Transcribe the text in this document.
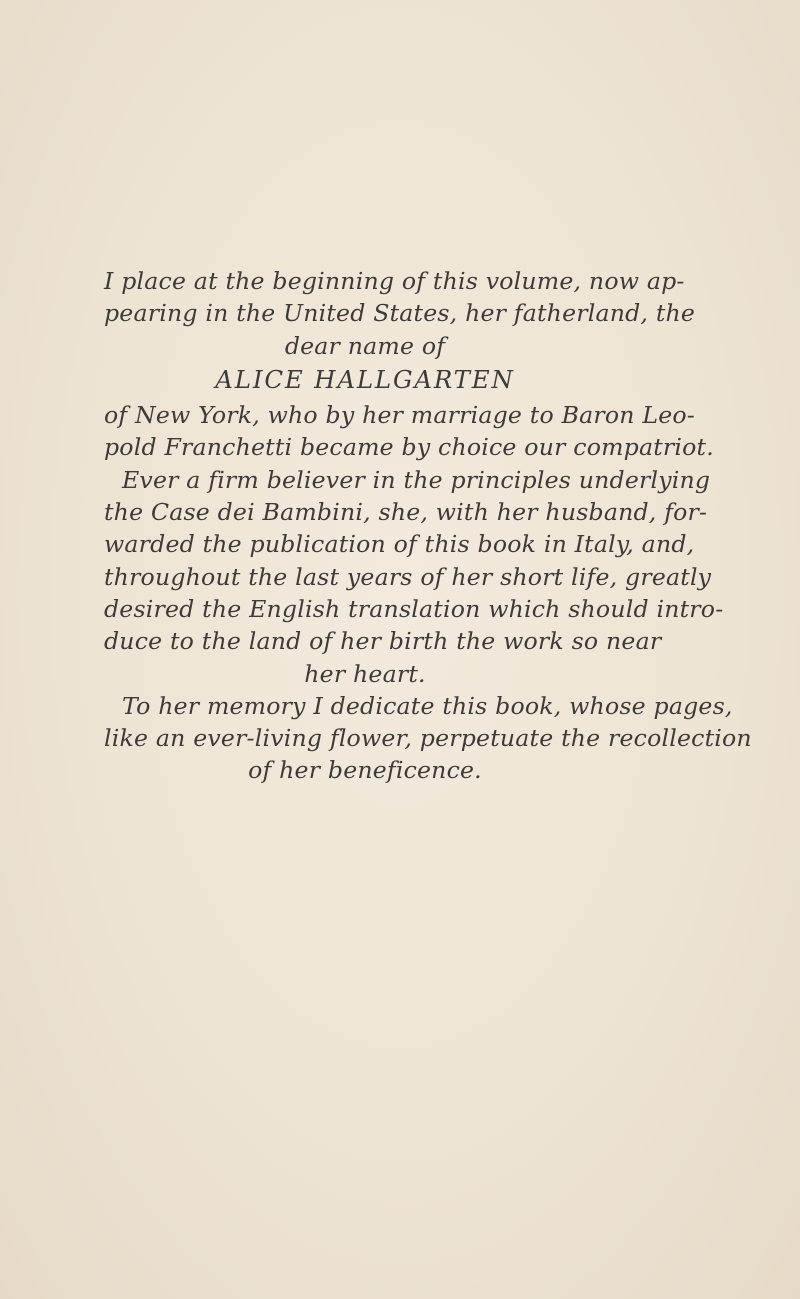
I place at the beginning of this volume, now ap-
pearing in the United States, her fatherland, the
dear name of
ALICE HALLGARTEN
of New York, who by her marriage to Baron Leo-
pold Franchetti became by choice our compatriot.
Ever a firm believer in the principles underlying
the Case dei Bambini, she, with her husband, for-
warded the publication of this book in Italy, and,
throughout the last years of her short life, greatly
desired the English translation which should intro-
duce to the land of her birth the work so near
her heart.
To her memory I dedicate this book, whose pages,
like an ever-living flower, perpetuate the recollection
of her beneficence.
